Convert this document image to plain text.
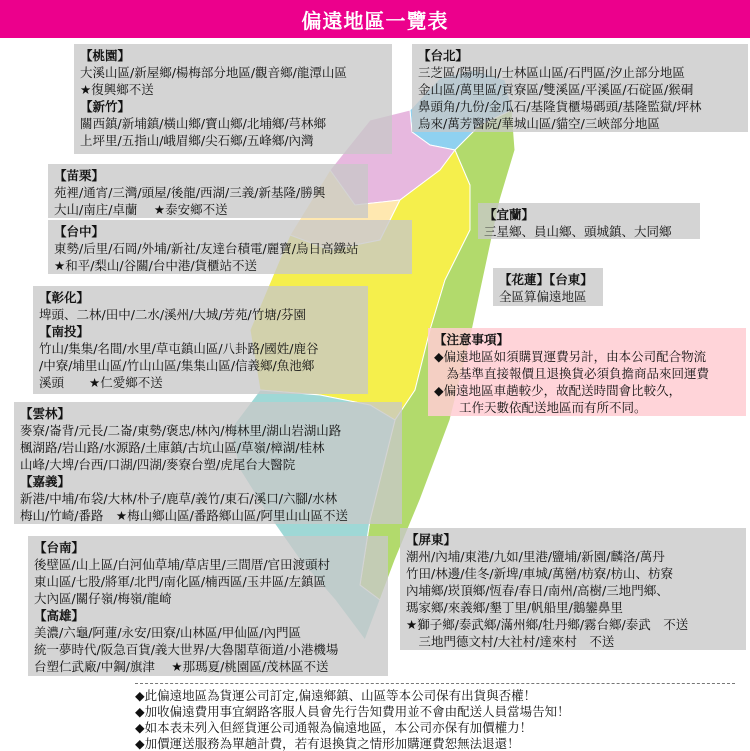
偏遠地區一覽表
【桃園】
大溪山區/新屋鄉/楊梅部分地區/觀音鄉/龍潭山區
★復興鄉不送
【新竹】
關西鎮/新埔鎮/橫山鄉/寶山鄉/北埔鄉/芎林鄉
上坪里/五指山/峨眉鄉/尖石鄉/五峰鄉/內灣
【台北】
三芝區/陽明山/士林區山區/石門區/汐止部分地區
金山區/萬里區/貢寮區/雙溪區/平溪區/石碇區/猴硐
鼻頭角/九份/金瓜石/基隆貨櫃場碼頭/基隆監獄/坪林
烏來/萬芳醫院/華城山區/貓空/三峽部分地區
【苗栗】
苑裡/通宵/三灣/頭屋/後龍/西湖/三義/新基隆/勝興
大山/南庄/卓蘭　 ★泰安鄉不送	【宜蘭】
三星鄉、員山鄉、頭城鎮、大同鄉
【台中】
東勢/后里/石岡/外埔/新社/友達台積電/麗寶/烏日高鐵站
★和平/梨山/谷關/台中港/貨櫃站不送
【花蓮】【台東】
全區算偏遠地區
【彰化】
埤頭、二林/田中/二水/溪州/大城/芳苑/竹塘/芬園
【南投】
竹山/集集/名間/水里/草屯鎮山區/八卦路/國姓/鹿谷
/中寮/埔里山區/竹山山區/集集山區/信義鄉/魚池鄉
溪頭　　★仁愛鄉不送
【注意事項】
◆偏遠地區如須購買運費另計，由本公司配合物流
　為基準直接報價且退換貨必須負擔商品來回運費
◆偏遠地區車趟較少，故配送時間會比較久，
　　工作天數依配送地區而有所不同。
【雲林】
麥寮/崙背/元長/二崙/東勢/褒忠/林內/梅林里/湖山岩湖山路
楓湖路/岩山路/水源路/土庫鎮/古坑山區/草嶺/樟湖/桂林
山峰/大埤/台西/口湖/四湖/麥寮台塑/虎尾台大醫院
【嘉義】
新港/中埔/布袋/大林/朴子/鹿草/義竹/東石/溪口/六腳/水林
梅山/竹崎/番路　★梅山鄉山區/番路鄉山區/阿里山山區不送
【屏東】
潮州/內埔/東港/九如/里港/鹽埔/新園/麟洛/萬丹
竹田/林邊/佳冬/新埤/車城/萬巒/枋寮/枋山、枋寮
內埔鄉/崁頂鄉/恆春/春日/南州/高樹/三地門鄉、
瑪家鄉/來義鄉/墾丁里/帆船里/鵝鑾鼻里
★獅子鄉/泰武鄉/滿州鄉/牡丹鄉/霧台鄉/泰武　不送
　三地門德文村/大社村/達來村　不送
【台南】
後壁區/山上區/白河仙草埔/草店里/三間厝/官田渡頭村
東山區/七股/將軍/北門/南化區/楠西區/玉井區/左鎮區
大內區/關仔嶺/梅嶺/龍崎
【高雄】
美濃/六龜/阿蓮/永安/田寮/山林區/甲仙區/內門區
統一夢時代/阪急百貨/義大世界/大魯閣草衙道/小港機場
台塑仁武廠/中鋼/旗津　 ★那瑪夏/桃園區/茂林區不送
◆此偏遠地區為貨運公司訂定,偏遠鄉鎮、山區等本公司保有出貨與否權！
◆加收偏遠費用事宜網路客服人員會先行告知費用並不會由配送人員當場告知！
◆如本表未列入但經貨運公司通報為偏遠地區，本公司亦保有加價權力！
◆加價運送服務為單趟計費，若有退換貨之情形加購運費恕無法退還！
